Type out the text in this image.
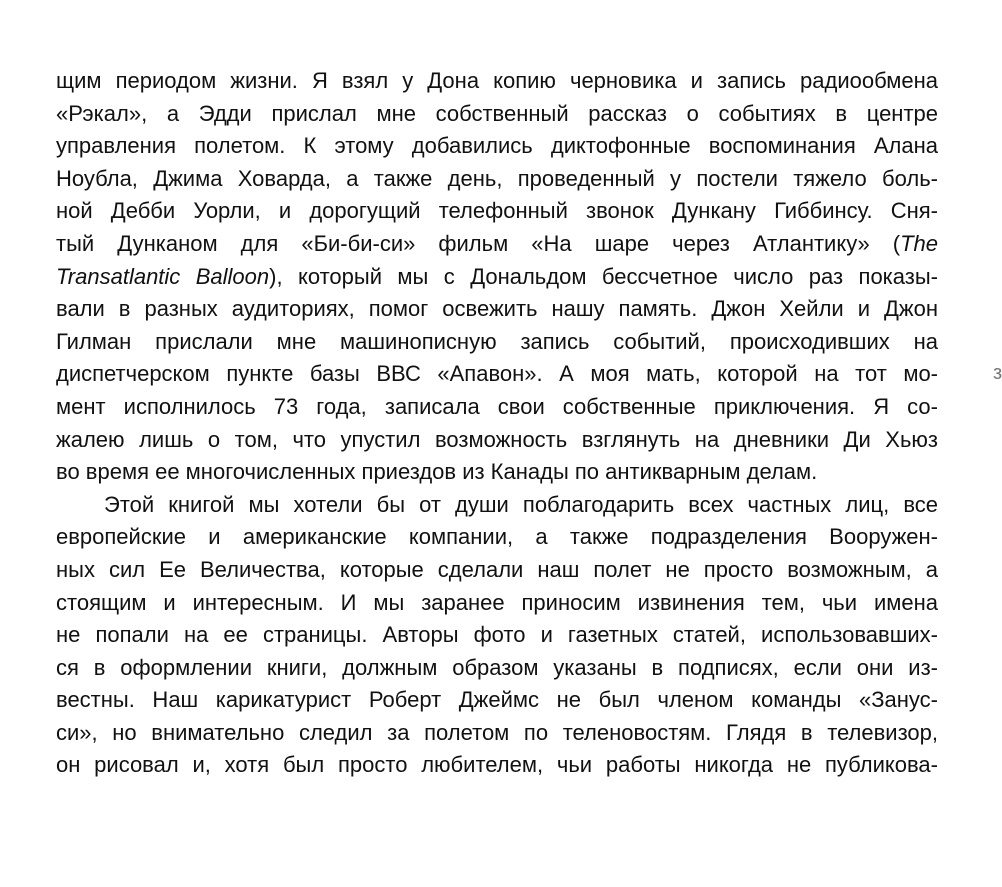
щим периодом жизни. Я взял у Дона копию черновика и запись радиообмена
«Рэкал», а Эдди прислал мне собственный рассказ о событиях в центре
управления полетом. К этому добавились диктофонные воспоминания Алана
Ноубла, Джима Ховарда, а также день, проведенный у постели тяжело боль-
ной Дебби Уорли, и дорогущий телефонный звонок Дункану Гиббинсу. Сня-
тый Дунканом для «Би-би-си» фильм «На шаре через Атлантику» (The
Transatlantic Balloon), который мы с Дональдом бессчетное число раз показы-
вали в разных аудиториях, помог освежить нашу память. Джон Хейли и Джон
Гилман прислали мне машинописную запись событий, происходивших на
диспетчерском пункте базы ВВС «Апавон». А моя мать, которой на тот мо-
мент исполнилось 73 года, записала свои собственные приключения. Я со-
жалею лишь о том, что упустил возможность взглянуть на дневники Ди Хьюз
во время ее многочисленных приездов из Канады по антикварным делам.
Этой книгой мы хотели бы от души поблагодарить всех частных лиц, все
европейские и американские компании, а также подразделения Вооружен-
ных сил Ее Величества, которые сделали наш полет не просто возможным, а
стоящим и интересным. И мы заранее приносим извинения тем, чьи имена
не попали на ее страницы. Авторы фото и газетных статей, использовавших-
ся в оформлении книги, должным образом указаны в подписях, если они из-
вестны. Наш карикатурист Роберт Джеймс не был членом команды «Занус-
си», но внимательно следил за полетом по теленовостям. Глядя в телевизор,
он рисовал и, хотя был просто любителем, чьи работы никогда не публикова-
з
